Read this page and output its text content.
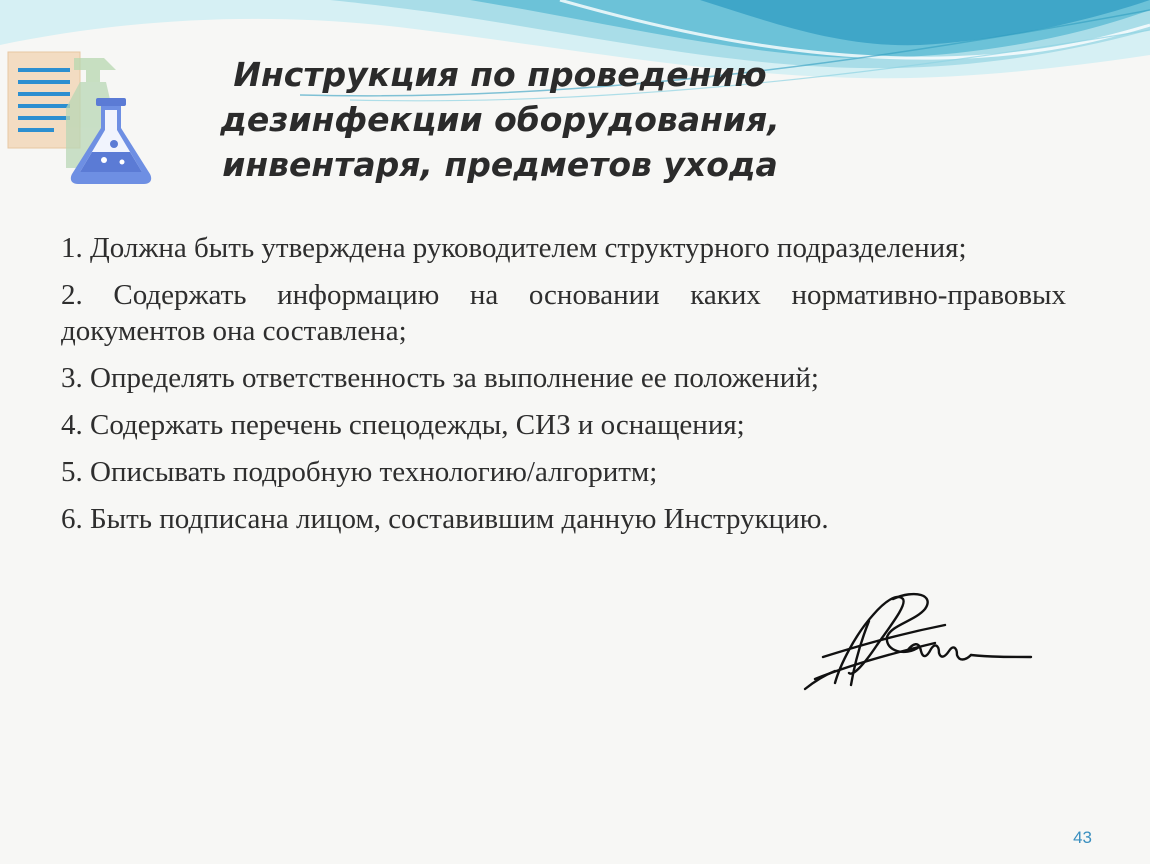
Инструкция по проведению
дезинфекции оборудования,
инвентаря, предметов ухода

1. Должна быть утверждена руководителем структурного подразделения;

2. Содержать информацию на основании каких нормативно-правовых документов она составлена;

3. Определять ответственность за выполнение ее положений;

4. Содержать перечень спецодежды, СИЗ и оснащения;

5. Описывать подробную технологию/алгоритм;

6. Быть подписана лицом, составившим данную Инструкцию.

43
